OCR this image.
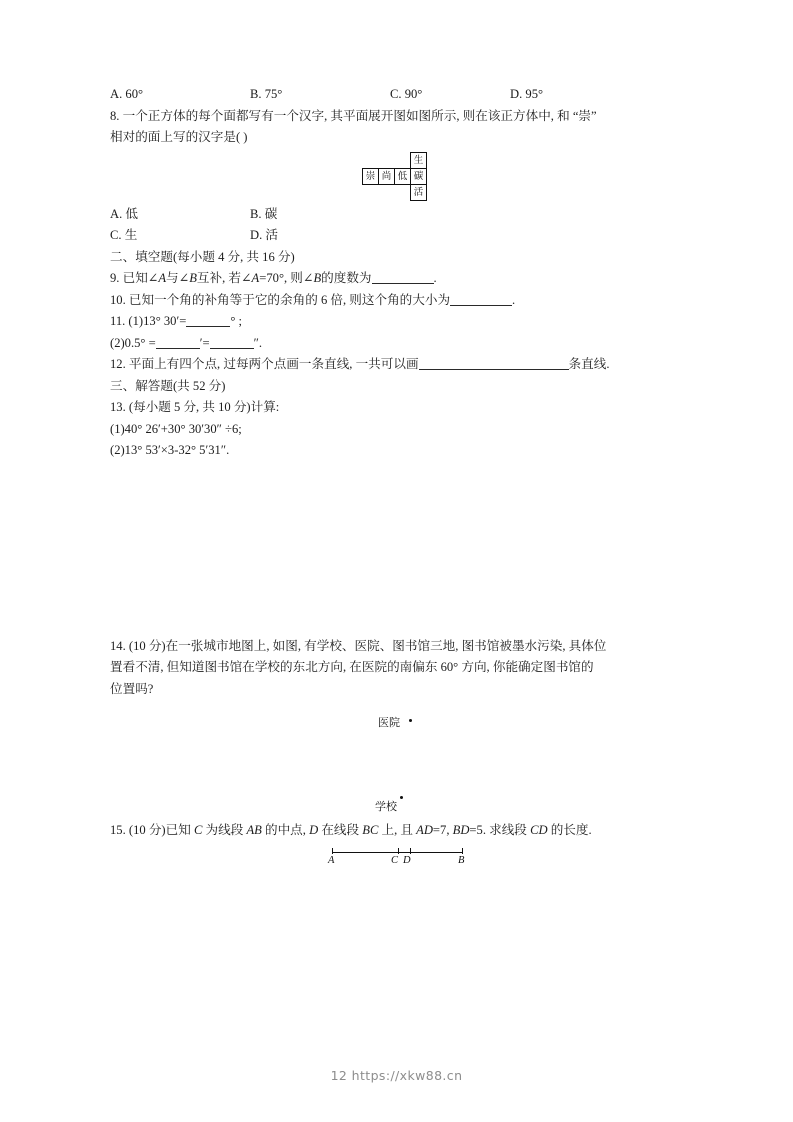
A. 60°	B. 75°	C. 90°	D. 95°
8. 一个正方体的每个面都写有一个汉字, 其平面展开图如图所示, 则在该正方体中, 和 “崇”
相对的面上写的汉字是( )
			生
崇	尚	低	碳
			活
A. 低	B. 碳
C. 生	D. 活
二、填空题(每小题 4 分, 共 16 分)
9. 已知∠A与∠B互补, 若∠A=70°, 则∠B的度数为	.
10. 已知一个角的补角等于它的余角的 6 倍, 则这个角的大小为	.
11. (1)13° 30′=	° ;
(2)0.5° =	′=	″.
12. 平面上有四个点, 过每两个点画一条直线, 一共可以画	条直线.
三、解答题(共 52 分)
13. (每小题 5 分, 共 10 分)计算:
(1)40° 26′+30° 30′30″ ÷6;
(2)13° 53′×3-32° 5′31″.
14. (10 分)在一张城市地图上, 如图, 有学校、医院、图书馆三地, 图书馆被墨水污染, 具体位
置看不清, 但知道图书馆在学校的东北方向, 在医院的南偏东 60° 方向, 你能确定图书馆的
位置吗?
医院
学校
15. (10 分)已知 C 为线段 AB 的中点, D 在线段 BC 上, 且 AD=7, BD=5. 求线段 CD 的长度.
A	C D	B
12 https://xkw88.cn
